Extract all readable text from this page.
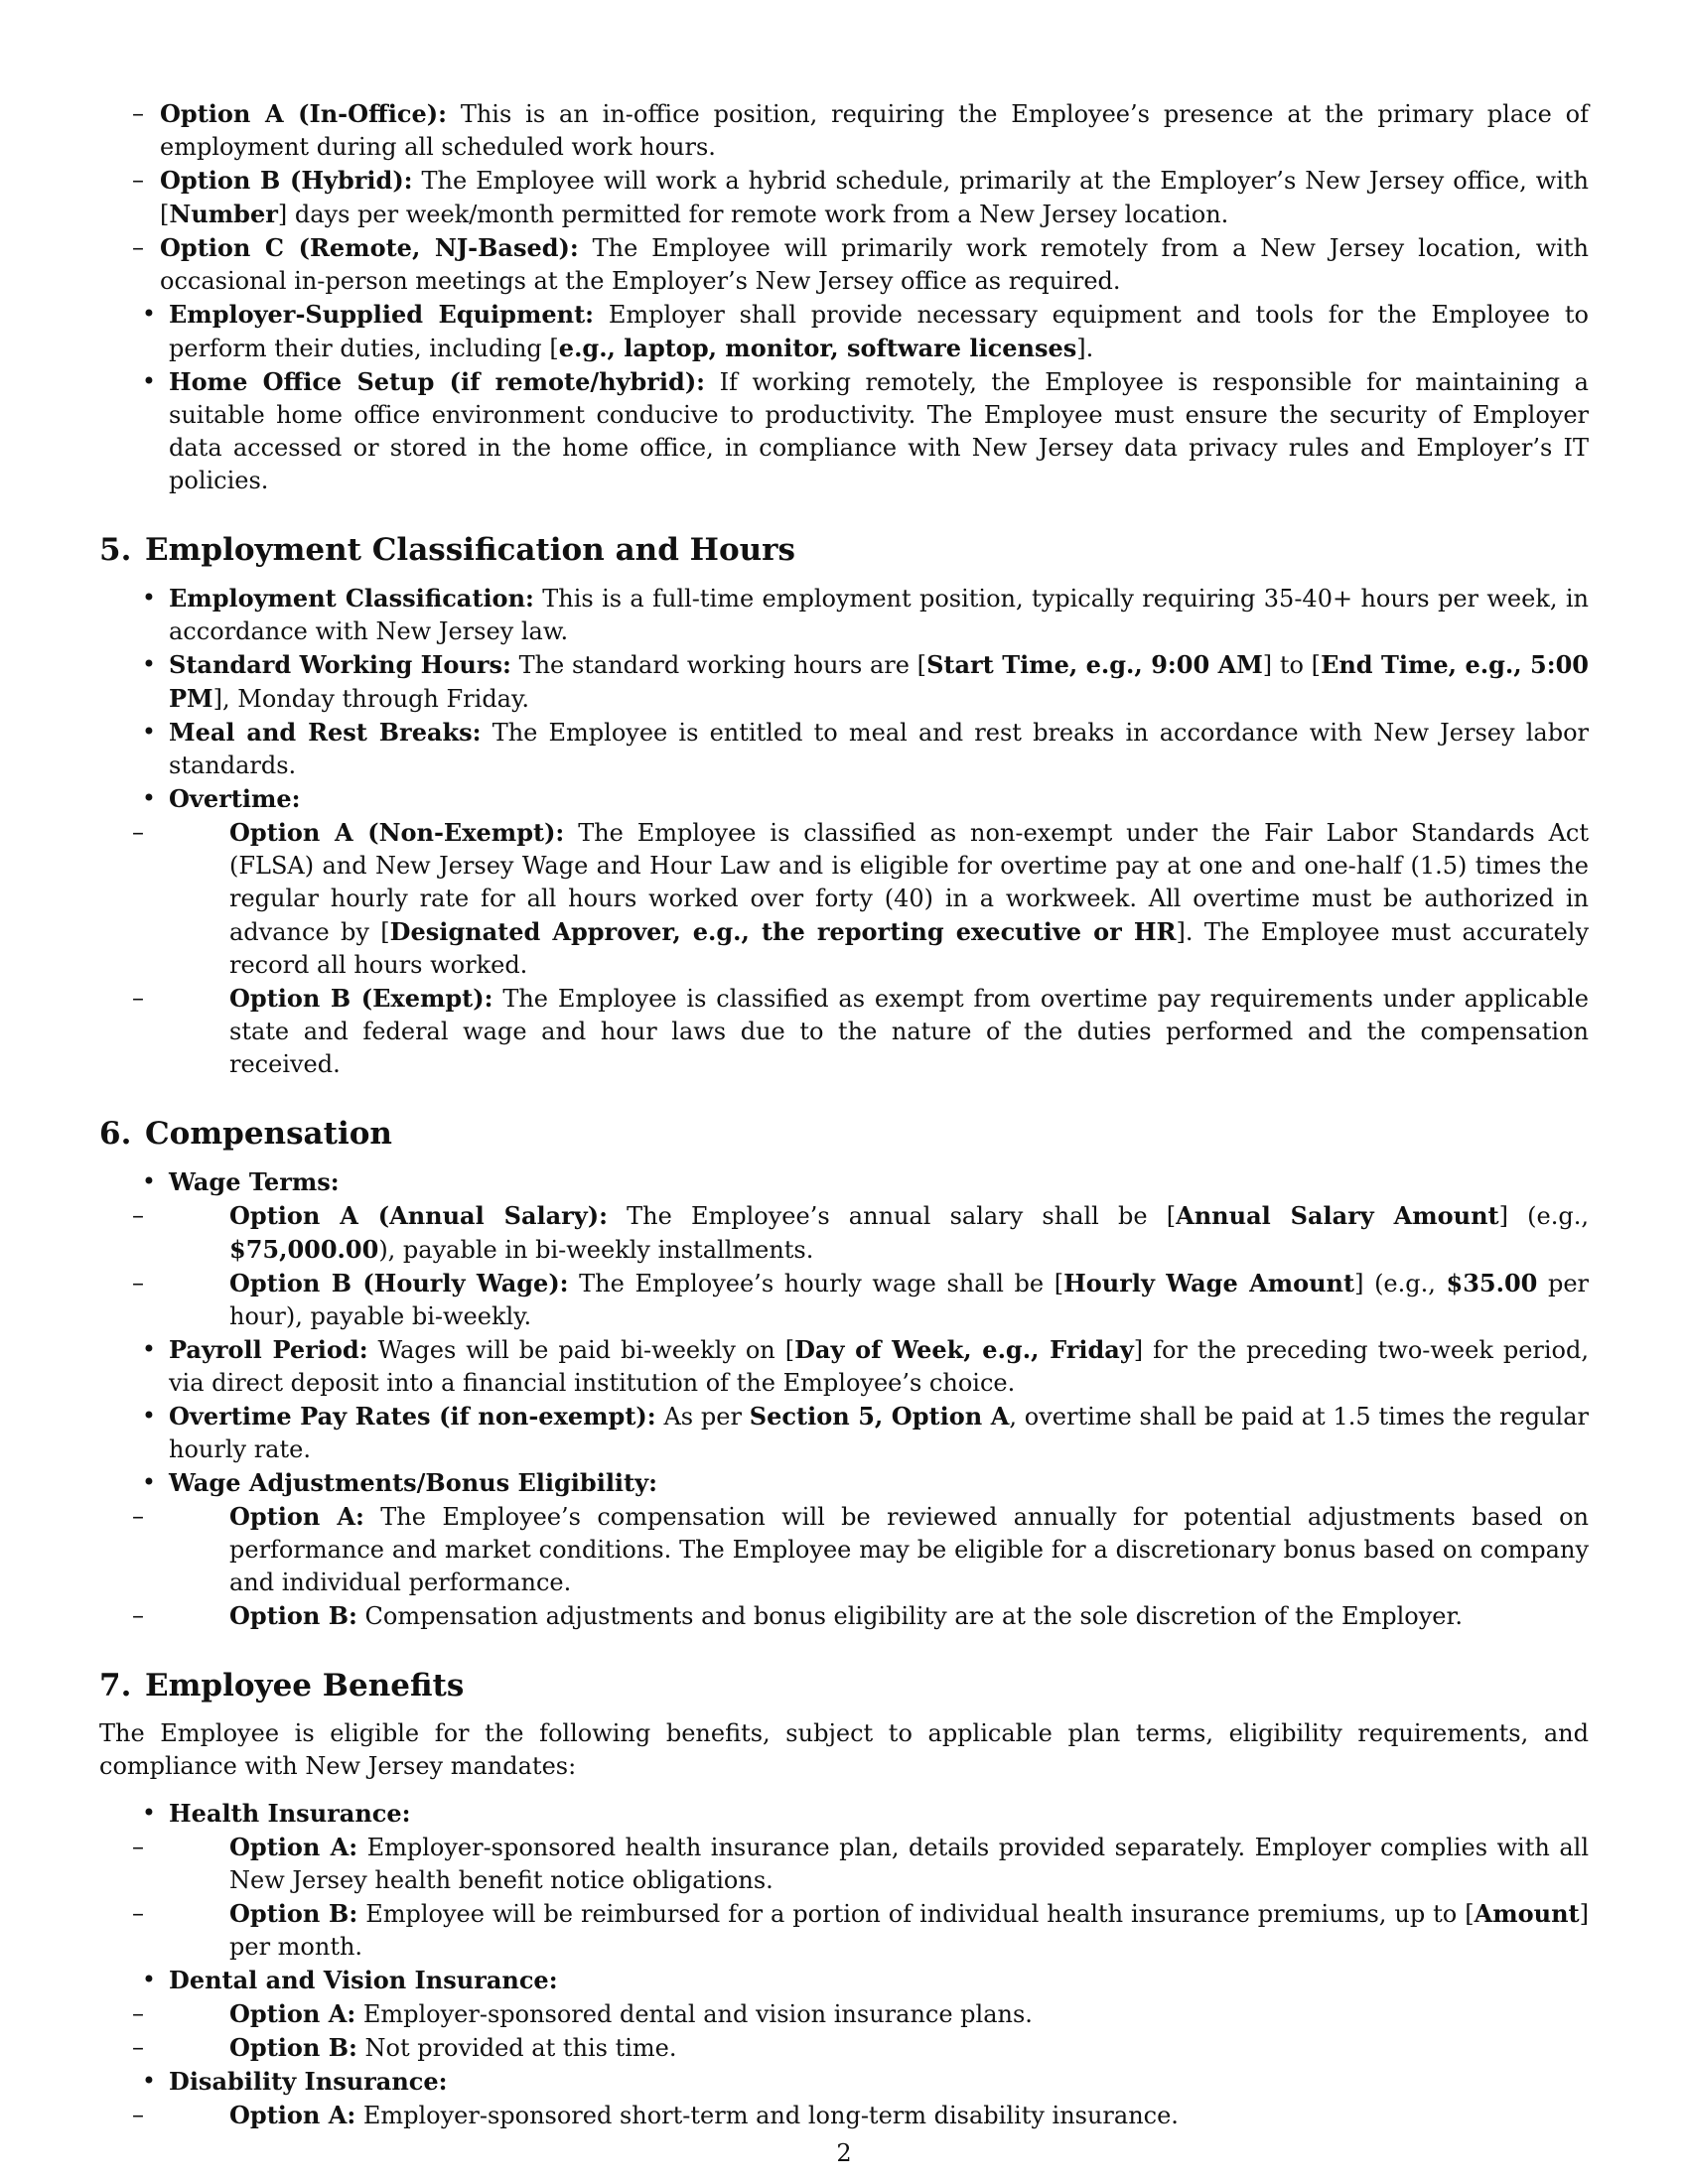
– Option A (In-Office): This is an in-office position, requiring the Employee’s presence at the primary place of employment during all scheduled work hours.
– Option B (Hybrid): The Employee will work a hybrid schedule, primarily at the Employer’s New Jersey office, with [Number] days per week/month permitted for remote work from a New Jersey location.
– Option C (Remote, NJ-Based): The Employee will primarily work remotely from a New Jersey location, with occasional in-person meetings at the Employer’s New Jersey office as required.
• Employer-Supplied Equipment: Employer shall provide necessary equipment and tools for the Employee to perform their duties, including [e.g., laptop, monitor, software licenses].
• Home Office Setup (if remote/hybrid): If working remotely, the Employee is responsible for maintaining a suitable home office environment conducive to productivity. The Employee must ensure the security of Employer data accessed or stored in the home office, in compliance with New Jersey data privacy rules and Employer’s IT policies.
5. Employment Classification and Hours
• Employment Classification: This is a full-time employment position, typically requiring 35-40+ hours per week, in accordance with New Jersey law.
• Standard Working Hours: The standard working hours are [Start Time, e.g., 9:00 AM] to [End Time, e.g., 5:00 PM], Monday through Friday.
• Meal and Rest Breaks: The Employee is entitled to meal and rest breaks in accordance with New Jersey labor standards.
• Overtime:
– Option A (Non-Exempt): The Employee is classified as non-exempt under the Fair Labor Standards Act (FLSA) and New Jersey Wage and Hour Law and is eligible for overtime pay at one and one-half (1.5) times the regular hourly rate for all hours worked over forty (40) in a workweek. All overtime must be authorized in advance by [Designated Approver, e.g., the reporting executive or HR]. The Employee must accurately record all hours worked.
– Option B (Exempt): The Employee is classified as exempt from overtime pay requirements under applicable state and federal wage and hour laws due to the nature of the duties performed and the compensation received.
6. Compensation
• Wage Terms:
– Option A (Annual Salary): The Employee’s annual salary shall be [Annual Salary Amount] (e.g., $75,000.00), payable in bi-weekly installments.
– Option B (Hourly Wage): The Employee’s hourly wage shall be [Hourly Wage Amount] (e.g., $35.00 per hour), payable bi-weekly.
• Payroll Period: Wages will be paid bi-weekly on [Day of Week, e.g., Friday] for the preceding two-week period, via direct deposit into a financial institution of the Employee’s choice.
• Overtime Pay Rates (if non-exempt): As per Section 5, Option A, overtime shall be paid at 1.5 times the regular hourly rate.
• Wage Adjustments/Bonus Eligibility:
– Option A: The Employee’s compensation will be reviewed annually for potential adjustments based on performance and market conditions. The Employee may be eligible for a discretionary bonus based on company and individual performance.
– Option B: Compensation adjustments and bonus eligibility are at the sole discretion of the Employer.
7. Employee Benefits

The Employee is eligible for the following benefits, subject to applicable plan terms, eligibility requirements, and compliance with New Jersey mandates:

• Health Insurance:
– Option A: Employer-sponsored health insurance plan, details provided separately. Employer complies with all New Jersey health benefit notice obligations.
– Option B: Employee will be reimbursed for a portion of individual health insurance premiums, up to [Amount] per month.
• Dental and Vision Insurance:
– Option A: Employer-sponsored dental and vision insurance plans.
– Option B: Not provided at this time.
• Disability Insurance:
– Option A: Employer-sponsored short-term and long-term disability insurance.
2
